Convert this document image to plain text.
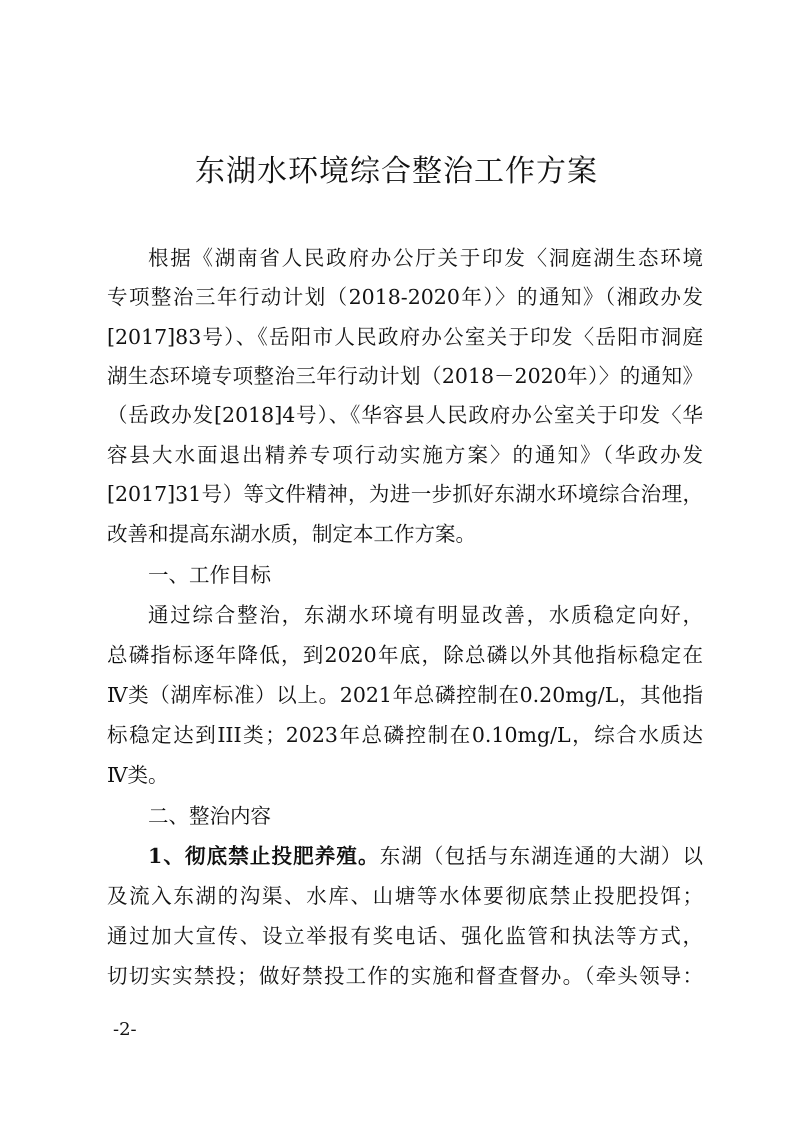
东湖水环境综合整治工作方案
根据《湖南省人民政府办公厅关于印发〈洞庭湖生态环境
专项整治三年行动计划（2018-2020年）〉的通知》（湘政办发
[2017]83号）、《岳阳市人民政府办公室关于印发〈岳阳市洞庭
湖生态环境专项整治三年行动计划（2018－2020年）〉的通知》
（岳政办发[2018]4号）、《华容县人民政府办公室关于印发〈华
容县大水面退出精养专项行动实施方案〉的通知》（华政办发
[2017]31号）等文件精神，为进一步抓好东湖水环境综合治理，
改善和提高东湖水质，制定本工作方案。
一、工作目标
通过综合整治，东湖水环境有明显改善，水质稳定向好，
总磷指标逐年降低，到2020年底，除总磷以外其他指标稳定在
Ⅳ类（湖库标准）以上。2021年总磷控制在0.20mg/L，其他指
标稳定达到III类；2023年总磷控制在0.10mg/L，综合水质达
Ⅳ类。
二、整治内容
1、彻底禁止投肥养殖。东湖（包括与东湖连通的大湖）以
及流入东湖的沟渠、水库、山塘等水体要彻底禁止投肥投饵；
通过加大宣传、设立举报有奖电话、强化监管和执法等方式，
切切实实禁投；做好禁投工作的实施和督查督办。（牵头领导：
-2-
